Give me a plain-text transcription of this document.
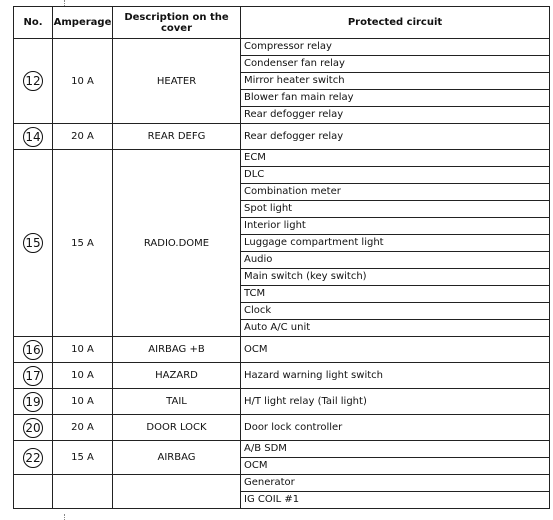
No.	Amperage	Description on the cover	Protected circuit
12	10 A	HEATER	Compressor relay
			Condenser fan relay
			Mirror heater switch
			Blower fan main relay
			Rear defogger relay
14	20 A	REAR DEFG	Rear defogger relay
15	15 A	RADIO.DOME	ECM
			DLC
			Combination meter
			Spot light
			Interior light
			Luggage compartment light
			Audio
			Main switch (key switch)
			TCM
			Clock
			Auto A/C unit
16	10 A	AIRBAG +B	OCM
17	10 A	HAZARD	Hazard warning light switch
19	10 A	TAIL	H/T light relay (Tail light)
20	20 A	DOOR LOCK	Door lock controller
22	15 A	AIRBAG	A/B SDM
			OCM
			Generator
			IG COIL #1
